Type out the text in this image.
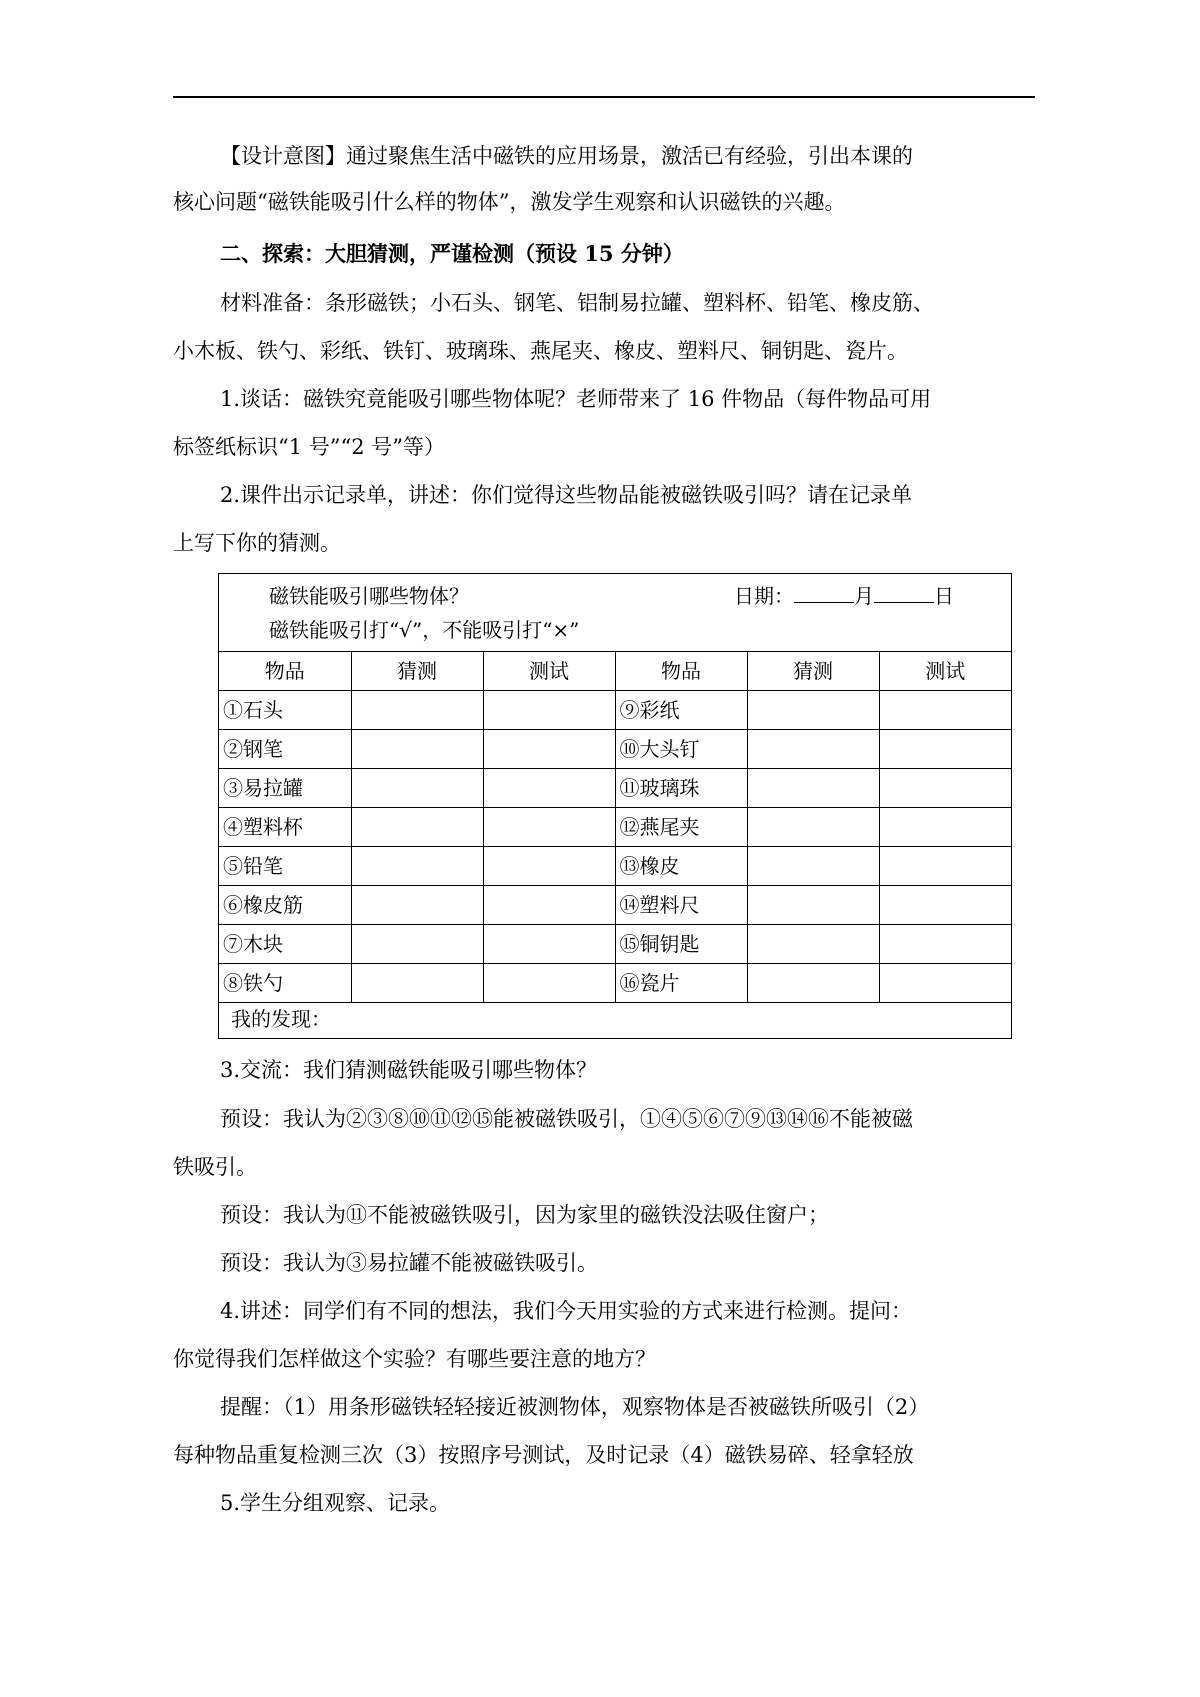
【设计意图】通过聚焦生活中磁铁的应用场景，激活已有经验，引出本课的
核心问题“磁铁能吸引什么样的物体”，激发学生观察和认识磁铁的兴趣。
二、探索：大胆猜测，严谨检测（预设 15 分钟）
材料准备：条形磁铁；小石头、钢笔、铝制易拉罐、塑料杯、铅笔、橡皮筋、
小木板、铁勺、彩纸、铁钉、玻璃珠、燕尾夹、橡皮、塑料尺、铜钥匙、瓷片。
1.谈话：磁铁究竟能吸引哪些物体呢？老师带来了 16 件物品（每件物品可用
标签纸标识“1 号”“2 号”等）
2.课件出示记录单，讲述：你们觉得这些物品能被磁铁吸引吗？请在记录单
上写下你的猜测。
磁铁能吸引哪些物体？	日期：	月	日
磁铁能吸引打“√”，不能吸引打“×”
物品	猜测	测试	物品	猜测	测试
①石头			⑨彩纸		
②钢笔			⑩大头钉		
③易拉罐			⑪玻璃珠		
④塑料杯			⑫燕尾夹		
⑤铅笔			⑬橡皮		
⑥橡皮筋			⑭塑料尺		
⑦木块			⑮铜钥匙		
⑧铁勺			⑯瓷片		
我的发现：
3.交流：我们猜测磁铁能吸引哪些物体？
预设：我认为②③⑧⑩⑪⑫⑮能被磁铁吸引，①④⑤⑥⑦⑨⑬⑭⑯不能被磁
铁吸引。
预设：我认为⑪不能被磁铁吸引，因为家里的磁铁没法吸住窗户；
预设：我认为③易拉罐不能被磁铁吸引。
4.讲述：同学们有不同的想法，我们今天用实验的方式来进行检测。提问：
你觉得我们怎样做这个实验？有哪些要注意的地方？
提醒：（1）用条形磁铁轻轻接近被测物体，观察物体是否被磁铁所吸引（2）
每种物品重复检测三次（3）按照序号测试，及时记录（4）磁铁易碎、轻拿轻放
5.学生分组观察、记录。
